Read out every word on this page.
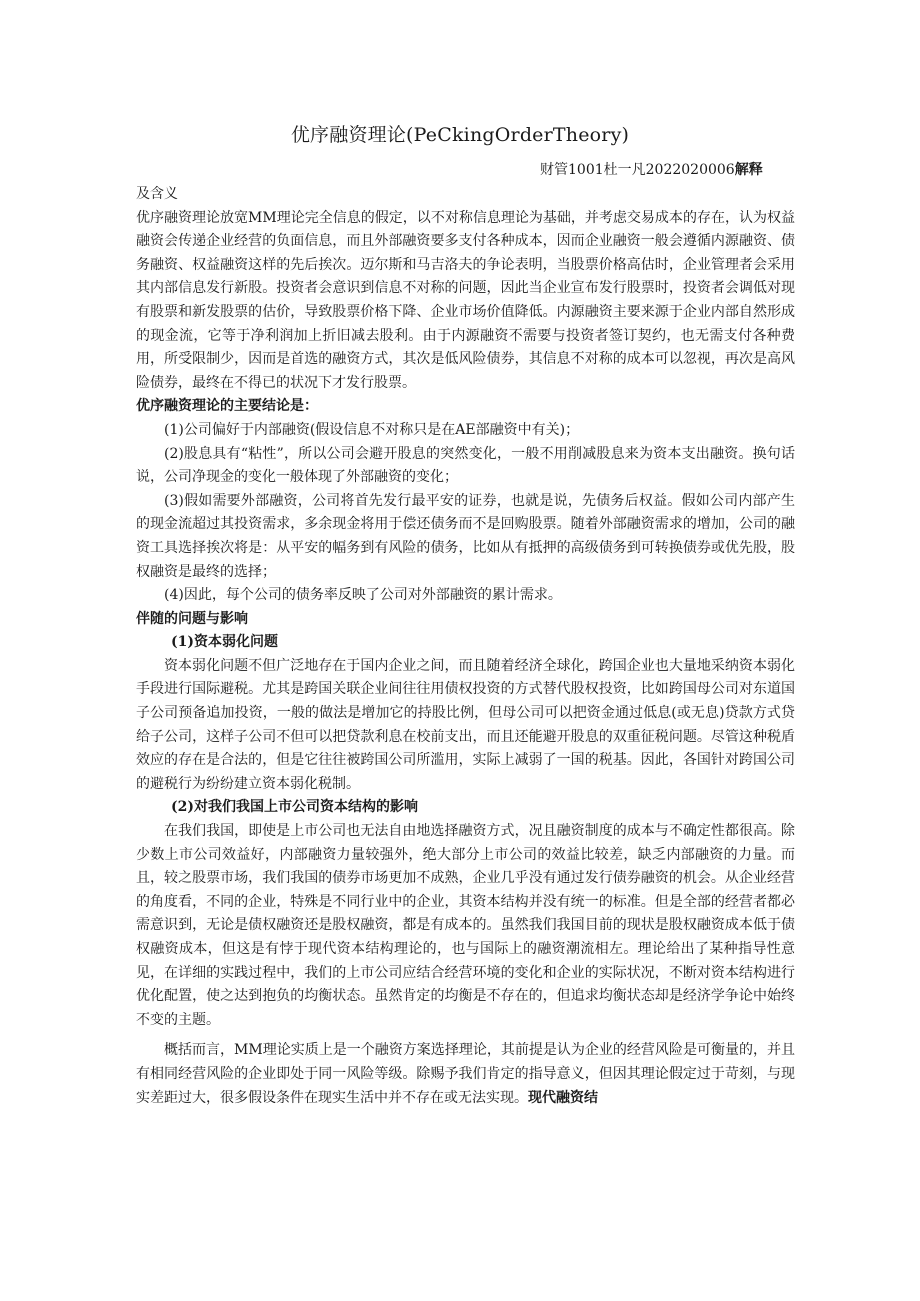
优序融资理论(PeCkingOrderTheory)
财管1001杜一凡2022020006解释

及含义

优序融资理论放宽MM理论完全信息的假定，以不对称信息理论为基础，并考虑交易成本的存在，认为权益融资会传递企业经营的负面信息，而且外部融资要多支付各种成本，因而企业融资一般会遵循内源融资、债务融资、权益融资这样的先后挨次。迈尔斯和马吉洛夫的争论表明，当股票价格高估时，企业管理者会采用其内部信息发行新股。投资者会意识到信息不对称的问题，因此当企业宣布发行股票时，投资者会调低对现有股票和新发股票的估价，导致股票价格下降、企业市场价值降低。内源融资主要来源于企业内部自然形成的现金流，它等于净利润加上折旧减去股利。由于内源融资不需要与投资者签订契约，也无需支付各种费用，所受限制少，因而是首选的融资方式，其次是低风险债券，其信息不对称的成本可以忽视，再次是高风险债券，最终在不得已的状况下才发行股票。

优序融资理论的主要结论是：

(1)公司偏好于内部融资(假设信息不对称只是在AE部融资中有关)；

(2)股息具有“粘性”，所以公司会避开股息的突然变化，一般不用削减股息来为资本支出融资。换句话说，公司净现金的变化一般体现了外部融资的变化；

(3)假如需要外部融资，公司将首先发行最平安的证券，也就是说，先债务后权益。假如公司内部产生的现金流超过其投资需求，多余现金将用于偿还债务而不是回购股票。随着外部融资需求的增加，公司的融资工具选择挨次将是：从平安的幅务到有风险的债务，比如从有抵押的高级债务到可转换债券或优先股，股权融资是最终的选择；

(4)因此，每个公司的债务率反映了公司对外部融资的累计需求。

伴随的问题与影响

(1)资本弱化问题

资本弱化问题不但广泛地存在于国内企业之间，而且随着经济全球化，跨国企业也大量地采纳资本弱化手段进行国际避税。尤其是跨国关联企业间往往用债权投资的方式替代股权投资，比如跨国母公司对东道国子公司预备追加投资，一般的做法是增加它的持股比例，但母公司可以把资金通过低息(或无息)贷款方式贷给子公司，这样子公司不但可以把贷款利息在校前支出，而且还能避开股息的双重征税问题。尽管这种税盾效应的存在是合法的，但是它往往被跨国公司所滥用，实际上减弱了一国的税基。因此，各国针对跨国公司的避税行为纷纷建立资本弱化税制。

(2)对我们我国上市公司资本结构的影响

在我们我国，即使是上市公司也无法自由地选择融资方式，况且融资制度的成本与不确定性都很高。除少数上市公司效益好，内部融资力量较强外，绝大部分上市公司的效益比较差，缺乏内部融资的力量。而且，较之股票市场，我们我国的债券市场更加不成熟，企业几乎没有通过发行债券融资的机会。从企业经营的角度看，不同的企业，特殊是不同行业中的企业，其资本结构并没有统一的标准。但是全部的经营者都必需意识到，无论是债权融资还是股权融资，都是有成本的。虽然我们我国目前的现状是股权融资成本低于债权融资成本，但这是有悖于现代资本结构理论的，也与国际上的融资潮流相左。理论给出了某种指导性意见，在详细的实践过程中，我们的上市公司应结合经营环境的变化和企业的实际状况，不断对资本结构进行优化配置，使之达到抱负的均衡状态。虽然肯定的均衡是不存在的，但追求均衡状态却是经济学争论中始终不变的主题。

概括而言，MM理论实质上是一个融资方案选择理论，其前提是认为企业的经营风险是可衡量的，并且有相同经营风险的企业即处于同一风险等级。除赐予我们肯定的指导意义，但因其理论假定过于苛刻，与现实差距过大，很多假设条件在现实生活中并不存在或无法实现。现代融资结
